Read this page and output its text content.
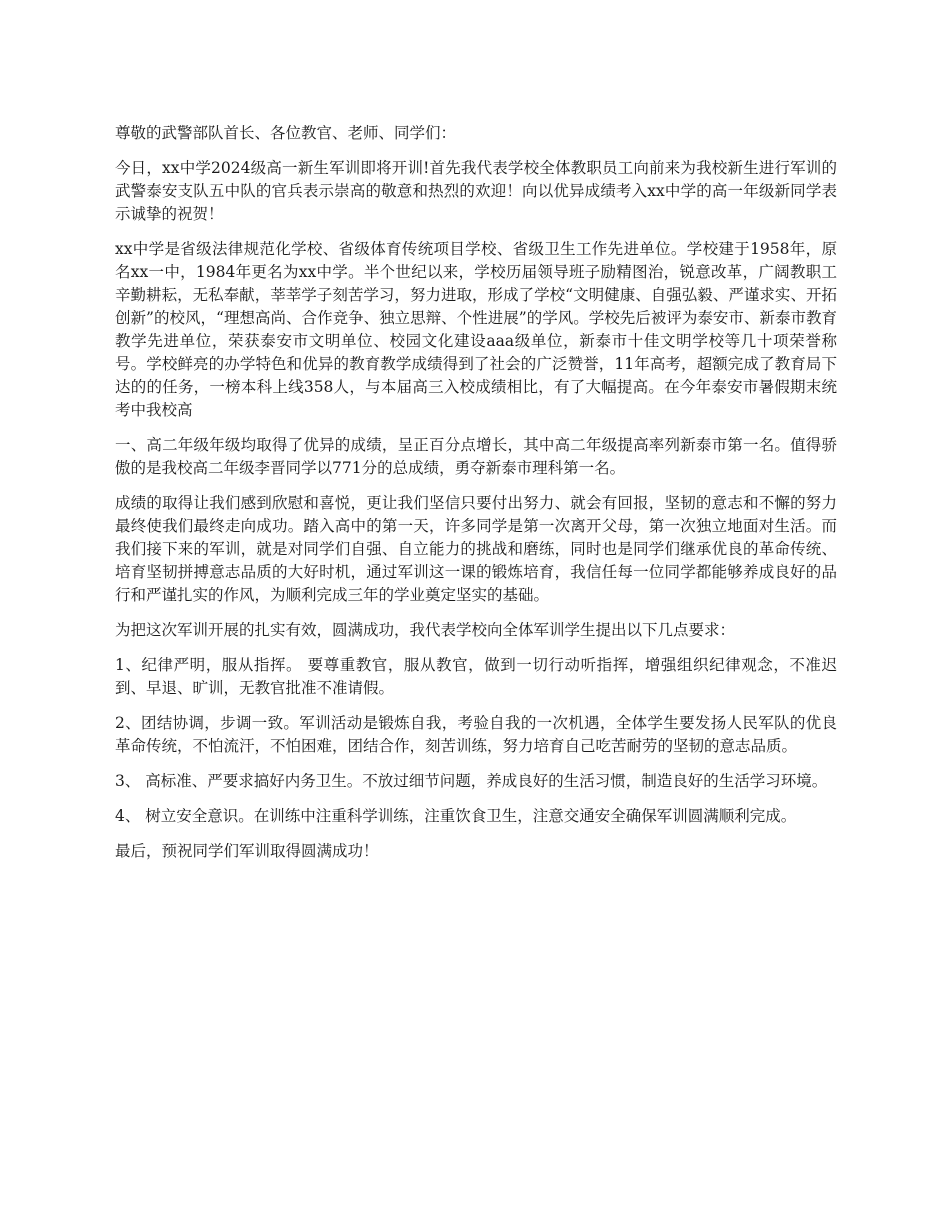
尊敬的武警部队首长、各位教官、老师、同学们：

今日，xx中学2024级高一新生军训即将开训!首先我代表学校全体教职员工向前来为我校新生进行军训的武警泰安支队五中队的官兵表示崇高的敬意和热烈的欢迎！向以优异成绩考入xx中学的高一年级新同学表示诚挚的祝贺！

xx中学是省级法律规范化学校、省级体育传统项目学校、省级卫生工作先进单位。学校建于1958年，原名xx一中，1984年更名为xx中学。半个世纪以来，学校历届领导班子励精图治，锐意改革，广阔教职工辛勤耕耘，无私奉献，莘莘学子刻苦学习，努力进取，形成了学校“文明健康、自强弘毅、严谨求实、开拓创新”的校风，“理想高尚、合作竞争、独立思辩、个性进展”的学风。学校先后被评为泰安市、新泰市教育教学先进单位，荣获泰安市文明单位、校园文化建设aaa级单位，新泰市十佳文明学校等几十项荣誉称号。学校鲜亮的办学特色和优异的教育教学成绩得到了社会的广泛赞誉，11年高考，超额完成了教育局下达的的任务，一榜本科上线358人，与本届高三入校成绩相比，有了大幅提高。在今年泰安市暑假期末统考中我校高

一、高二年级年级均取得了优异的成绩，呈正百分点增长，其中高二年级提高率列新泰市第一名。值得骄傲的是我校高二年级李晋同学以771分的总成绩，勇夺新泰市理科第一名。

成绩的取得让我们感到欣慰和喜悦，更让我们坚信只要付出努力、就会有回报，坚韧的意志和不懈的努力最终使我们最终走向成功。踏入高中的第一天，许多同学是第一次离开父母，第一次独立地面对生活。而我们接下来的军训，就是对同学们自强、自立能力的挑战和磨练，同时也是同学们继承优良的革命传统、培育坚韧拼搏意志品质的大好时机，通过军训这一课的锻炼培育，我信任每一位同学都能够养成良好的品行和严谨扎实的作风，为顺利完成三年的学业奠定坚实的基础。

为把这次军训开展的扎实有效，圆满成功，我代表学校向全体军训学生提出以下几点要求：

1、纪律严明，服从指挥。 要尊重教官，服从教官，做到一切行动听指挥，增强组织纪律观念，不准迟到、早退、旷训，无教官批准不准请假。

2、团结协调，步调一致。军训活动是锻炼自我，考验自我的一次机遇，全体学生要发扬人民军队的优良革命传统，不怕流汗，不怕困难，团结合作，刻苦训练，努力培育自己吃苦耐劳的坚韧的意志品质。

3、 高标准、严要求搞好内务卫生。不放过细节问题，养成良好的生活习惯，制造良好的生活学习环境。

4、 树立安全意识。在训练中注重科学训练，注重饮食卫生，注意交通安全确保军训圆满顺利完成。

最后，预祝同学们军训取得圆满成功！
